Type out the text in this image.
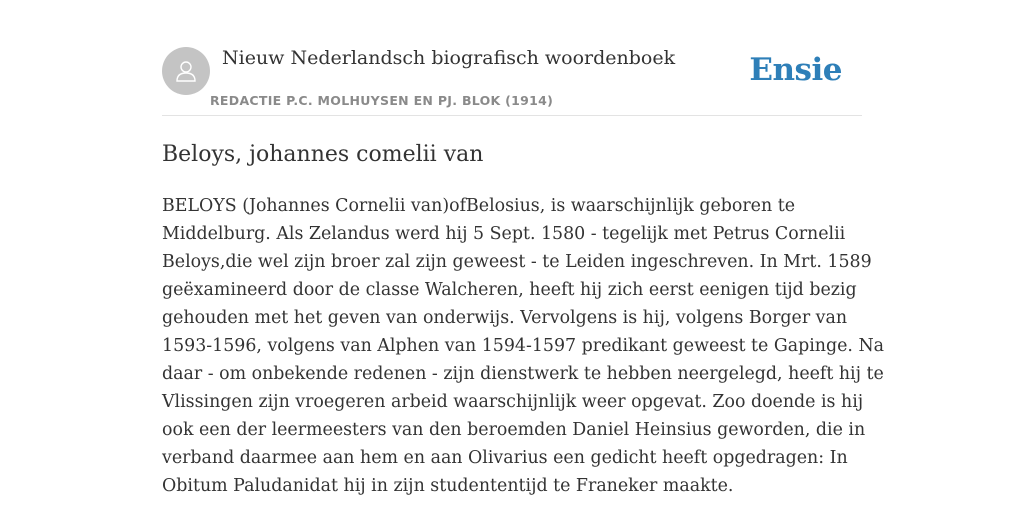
Nieuw Nederlandsch biografisch woordenboek
REDACTIE P.C. MOLHUYSEN EN PJ. BLOK (1914)
Ensie
Beloys, johannes comelii van
BELOYS (Johannes Cornelii van)ofBelosius, is waarschijnlijk geboren te
Middelburg. Als Zelandus werd hij 5 Sept. 1580 - tegelijk met Petrus Cornelii
Beloys,die wel zijn broer zal zijn geweest - te Leiden ingeschreven. In Mrt. 1589
geëxamineerd door de classe Walcheren, heeft hij zich eerst eenigen tijd bezig
gehouden met het geven van onderwijs. Vervolgens is hij, volgens Borger van
1593-1596, volgens van Alphen van 1594-1597 predikant geweest te Gapinge. Na
daar - om onbekende redenen - zijn dienstwerk te hebben neergelegd, heeft hij te
Vlissingen zijn vroegeren arbeid waarschijnlijk weer opgevat. Zoo doende is hij
ook een der leermeesters van den beroemden Daniel Heinsius geworden, die in
verband daarmee aan hem en aan Olivarius een gedicht heeft opgedragen: In
Obitum Paludanidat hij in zijn studententijd te Franeker maakte.
